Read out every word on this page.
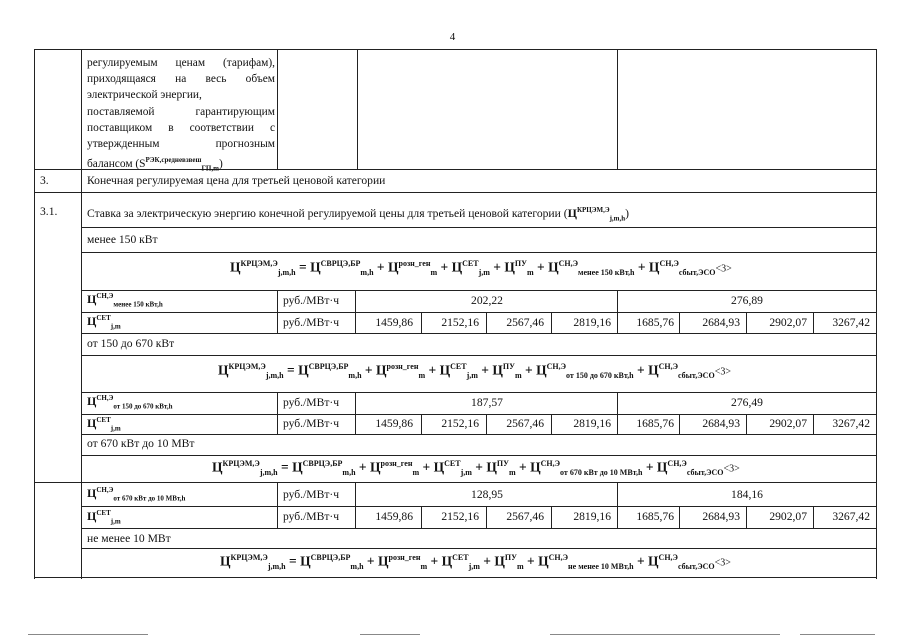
4
регулируемым ценам (тарифам),
приходящаяся на весь объем
электрической энергии,
поставляемой гарантирующим
поставщиком в соответствии с
утвержденным прогнозным
балансом $(S^{РЭК,средневзвеш}_{ГП,m})$
3.	Конечная регулируемая цена для третьей ценовой категории
3.1.	Ставка за электрическую энергию конечной регулируемой цены для третьей ценовой категории $(Ц^{КРЦЭМ,Э}_{j,m,h})$
менее 150 кВт
от 150 до 670 кВт
от 670 кВт до 10 МВт
не менее 10 МВт
$Ц^{КРЦЭМ,Э}_{j,m,h} = Ц^{СВРЦЭ,БР}_{m,h} + Ц^{розн\_ген}_m + Ц^{СЕТ}_{j,m} + Ц^{ПУ}_m + Ц^{СН,Э}_{менее 150 кВт,h} + Ц^{СН,Э}_{сбыт,ЭСО}<3>$
$Ц^{КРЦЭМ,Э}_{j,m,h} = Ц^{СВРЦЭ,БР}_{m,h} + Ц^{розн\_ген}_m + Ц^{СЕТ}_{j,m} + Ц^{ПУ}_m + Ц^{СН,Э}_{от 150 до 670 кВт,h} + Ц^{СН,Э}_{сбыт,ЭСО}<3>$
$Ц^{КРЦЭМ,Э}_{j,m,h} = Ц^{СВРЦЭ,БР}_{m,h} + Ц^{розн\_ген}_m + Ц^{СЕТ}_{j,m} + Ц^{ПУ}_m + Ц^{СН,Э}_{от 670 кВт до 10 МВт,h} + Ц^{СН,Э}_{сбыт,ЭСО}<3>$
$Ц^{КРЦЭМ,Э}_{j,m,h} = Ц^{СВРЦЭ,БР}_{m,h} + Ц^{розн\_ген}_m + Ц^{СЕТ}_{j,m} + Ц^{ПУ}_m + Ц^{СН,Э}_{не менее 10 МВт,h} + Ц^{СН,Э}_{сбыт,ЭСО}<3>$
$Ц^{СН,Э}_{менее 150 кВт,h}$	руб./МВт·ч	202,22	276,89
$Ц^{СЕТ}_{j,m}$	руб./МВт·ч	1459,86	2152,16	2567,46	2819,16	1685,76	2684,93	2902,07	3267,42
$Ц^{СН,Э}_{от 150 до 670 кВт,h}$	руб./МВт·ч	187,57	276,49
$Ц^{СЕТ}_{j,m}$	руб./МВт·ч	1459,86	2152,16	2567,46	2819,16	1685,76	2684,93	2902,07	3267,42
$Ц^{СН,Э}_{от 670 кВт до 10 МВт,h}$	руб./МВт·ч	128,95	184,16
$Ц^{СЕТ}_{j,m}$	руб./МВт·ч	1459,86	2152,16	2567,46	2819,16	1685,76	2684,93	2902,07	3267,42
